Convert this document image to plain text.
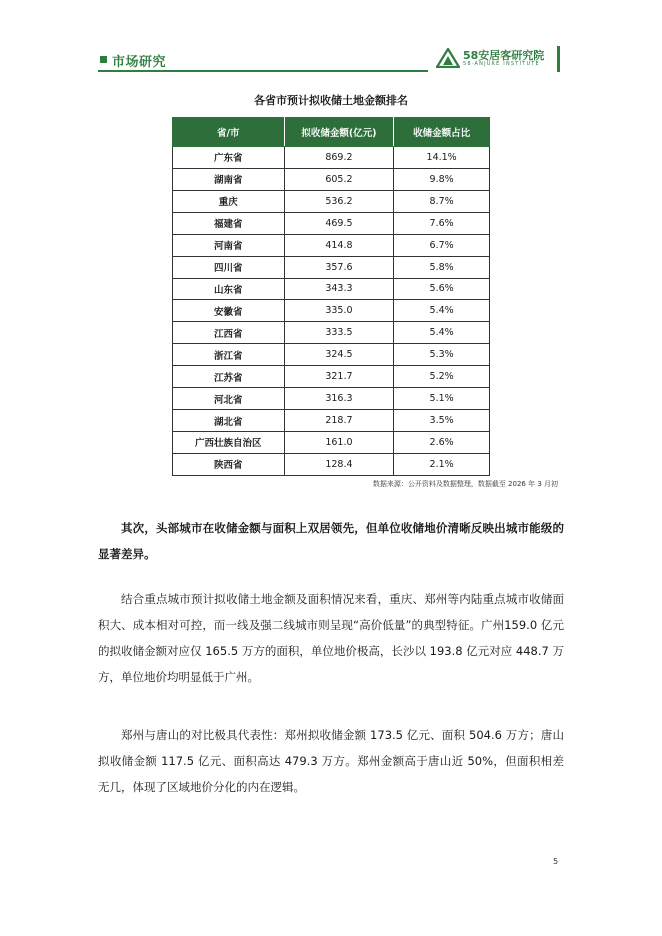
市场研究	58安居客研究院
58·ANJUKE INSTITUTE
各省市预计拟收储土地金额排名
省/市	拟收储金额(亿元)	收储金额占比
广东省	869.2	14.1%
湖南省	605.2	9.8%
重庆	536.2	8.7%
福建省	469.5	7.6%
河南省	414.8	6.7%
四川省	357.6	5.8%
山东省	343.3	5.6%
安徽省	335.0	5.4%
江西省	333.5	5.4%
浙江省	324.5	5.3%
江苏省	321.7	5.2%
河北省	316.3	5.1%
湖北省	218.7	3.5%
广西壮族自治区	161.0	2.6%
陕西省	128.4	2.1%
数据来源：公开资料及数据整理，数据截至 2026 年 3 月初

其次，头部城市在收储金额与面积上双居领先，但单位收储地价清晰反映出城市能级的显著差异。

结合重点城市预计拟收储土地金额及面积情况来看，重庆、郑州等内陆重点城市收储面积大、成本相对可控，而一线及强二线城市则呈现“高价低量”的典型特征。广州159.0 亿元的拟收储金额对应仅 165.5 万方的面积，单位地价极高，长沙以 193.8 亿元对应 448.7 万方，单位地价均明显低于广州。

郑州与唐山的对比极具代表性：郑州拟收储金额 173.5 亿元、面积 504.6 万方；唐山拟收储金额 117.5 亿元、面积高达 479.3 万方。郑州金额高于唐山近 50%，但面积相差无几，体现了区域地价分化的内在逻辑。

5
